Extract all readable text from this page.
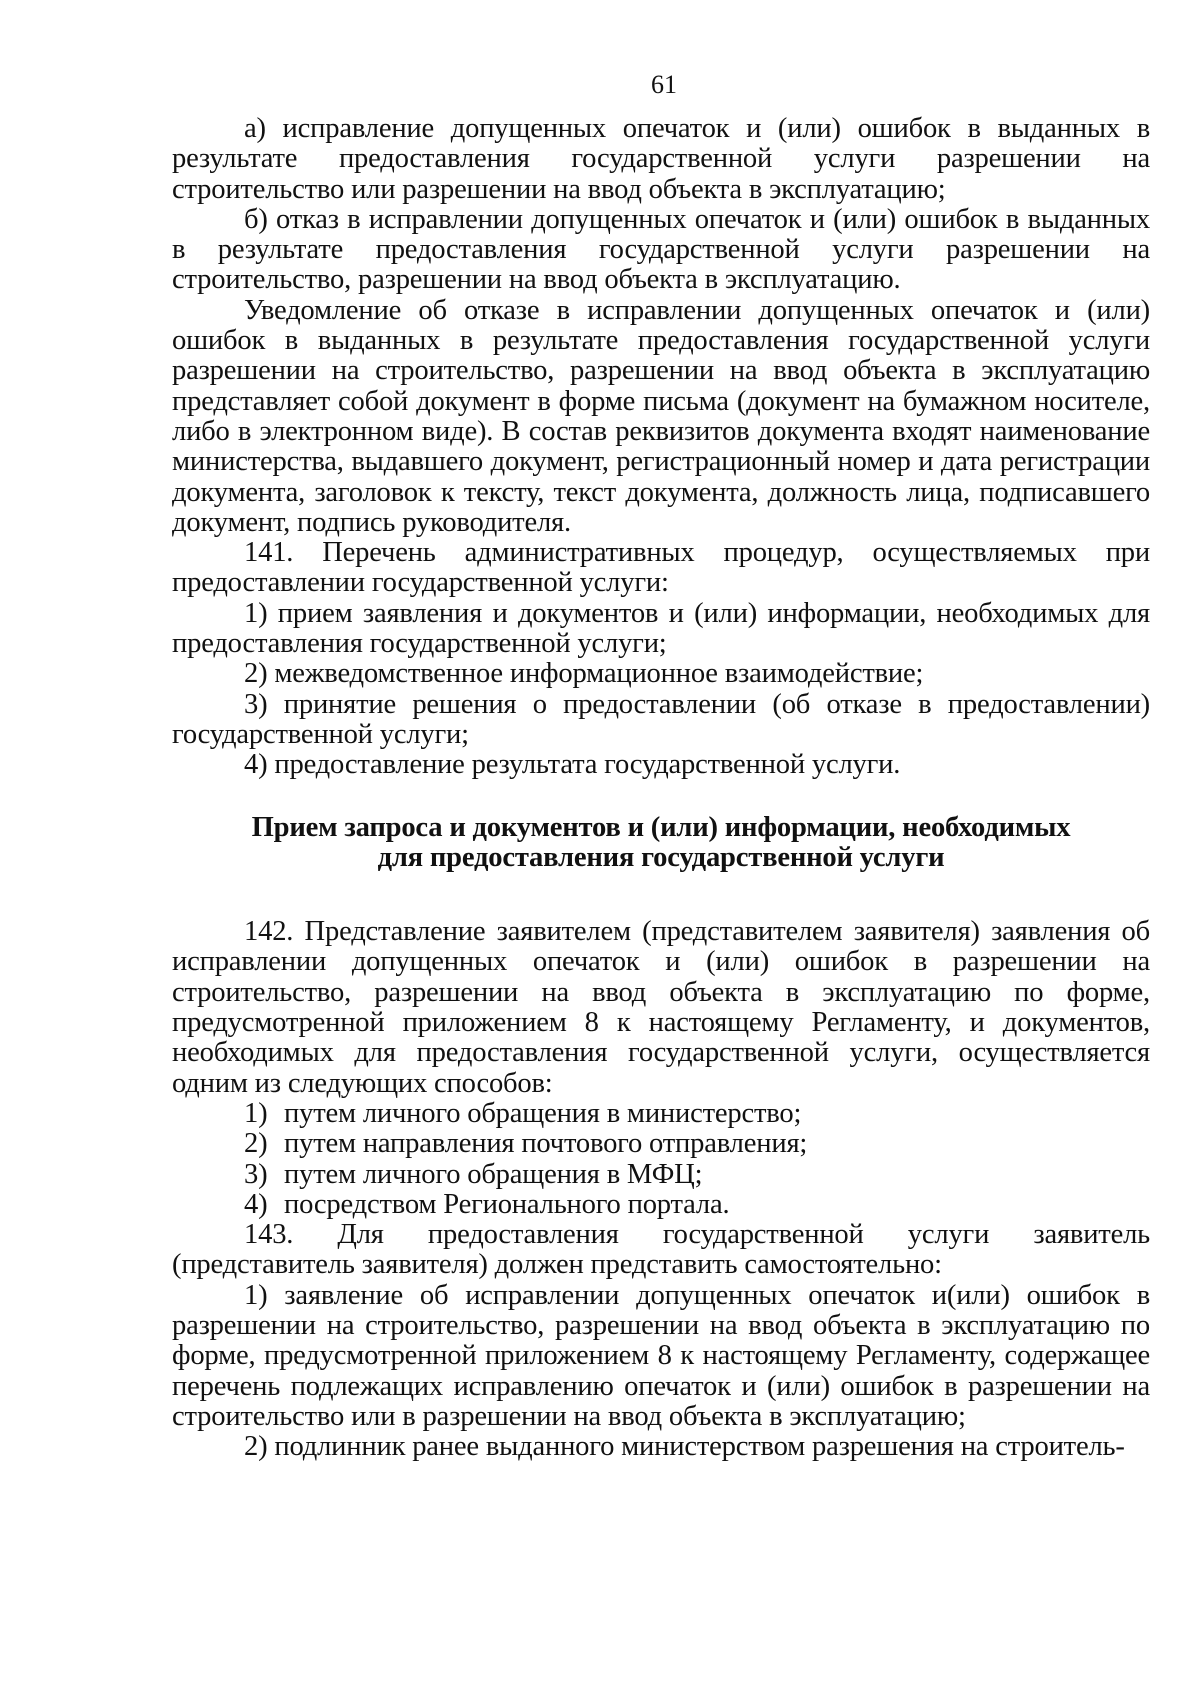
61

а) исправление допущенных опечаток и (или) ошибок в выданных в результате предоставления государственной услуги разрешении на строительство или разрешении на ввод объекта в эксплуатацию;

б) отказ в исправлении допущенных опечаток и (или) ошибок в выданных в результате предоставления государственной услуги разрешении на строительство, разрешении на ввод объекта в эксплуатацию.

Уведомление об отказе в исправлении допущенных опечаток и (или) ошибок в выданных в результате предоставления государственной услуги разрешении на строительство, разрешении на ввод объекта в эксплуатацию представляет собой документ в форме письма (документ на бумажном носителе, либо в электронном виде). В состав реквизитов документа входят наименование министерства, выдавшего документ, регистрационный номер и дата регистрации документа, заголовок к тексту, текст документа, должность лица, подписавшего документ, подпись руководителя.

141. Перечень административных процедур, осуществляемых при предоставлении государственной услуги:

1) прием заявления и документов и (или) информации, необходимых для предоставления государственной услуги;

2) межведомственное информационное взаимодействие;

3) принятие решения о предоставлении (об отказе в предоставлении) государственной услуги;

4) предоставление результата государственной услуги.

Прием запроса и документов и (или) информации, необходимых
для предоставления государственной услуги

142. Представление заявителем (представителем заявителя) заявления об исправлении допущенных опечаток и (или) ошибок в разрешении на строительство, разрешении на ввод объекта в эксплуатацию по форме, предусмотренной приложением 8 к настоящему Регламенту, и документов, необходимых для предоставления государственной услуги, осуществляется одним из следующих способов:

1) путем личного обращения в министерство;
2) путем направления почтового отправления;
3) путем личного обращения в МФЦ;
4) посредством Регионального портала.

143. Для предоставления государственной услуги заявитель (представитель заявителя) должен представить самостоятельно:

1) заявление об исправлении допущенных опечаток и(или) ошибок в разрешении на строительство, разрешении на ввод объекта в эксплуатацию по форме, предусмотренной приложением 8 к настоящему Регламенту, содержащее перечень подлежащих исправлению опечаток и (или) ошибок в разрешении на строительство или в разрешении на ввод объекта в эксплуатацию;

2) подлинник ранее выданного министерством разрешения на строитель-
